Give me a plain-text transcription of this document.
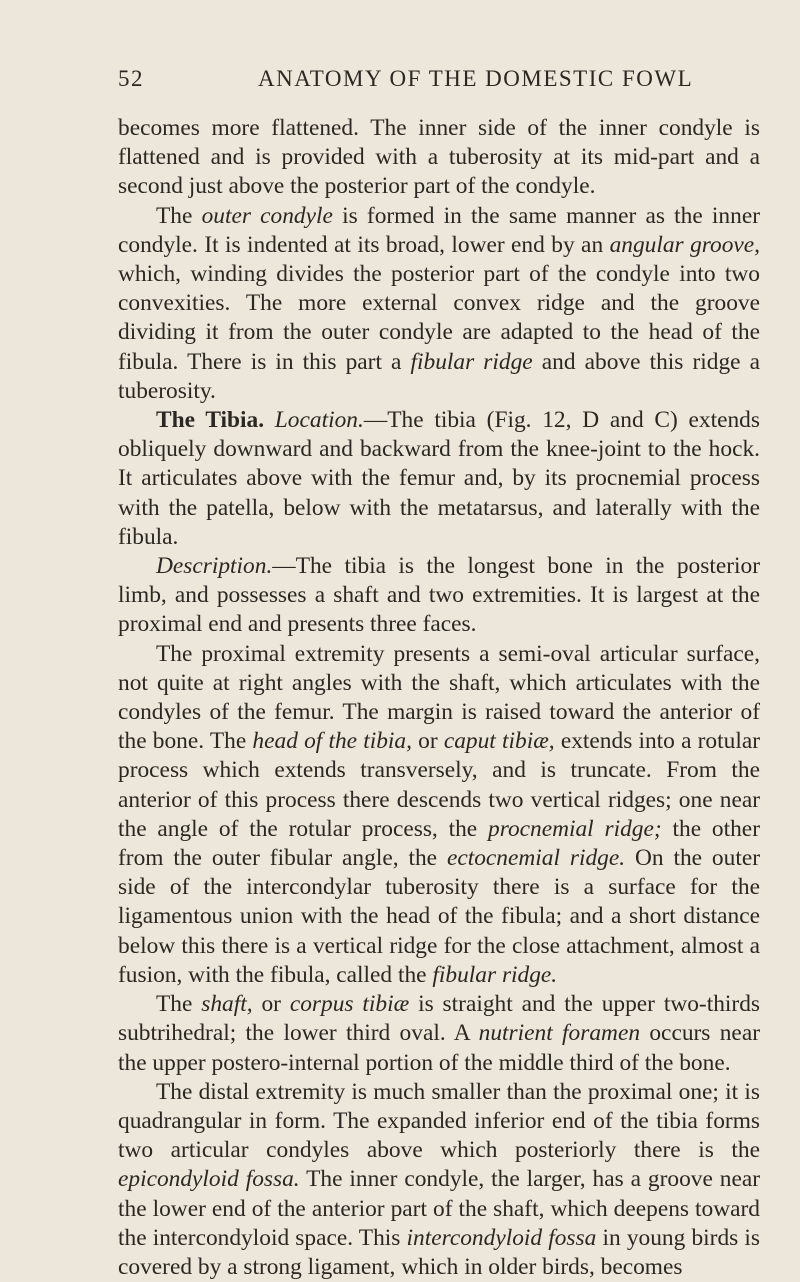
52	ANATOMY OF THE DOMESTIC FOWL

becomes more flattened. The inner side of the inner condyle is flattened and is provided with a tuberosity at its mid-part and a second just above the posterior part of the condyle.

The outer condyle is formed in the same manner as the inner condyle. It is indented at its broad, lower end by an angular groove, which, winding divides the posterior part of the condyle into two convexities. The more external convex ridge and the groove dividing it from the outer condyle are adapted to the head of the fibula. There is in this part a fibular ridge and above this ridge a tuberosity.

The Tibia. Location.—The tibia (Fig. 12, D and C) extends obliquely downward and backward from the knee-joint to the hock. It articulates above with the femur and, by its procnemial process with the patella, below with the metatarsus, and laterally with the fibula.

Description.—The tibia is the longest bone in the posterior limb, and possesses a shaft and two extremities. It is largest at the proximal end and presents three faces.

The proximal extremity presents a semi-oval articular surface, not quite at right angles with the shaft, which articulates with the condyles of the femur. The margin is raised toward the anterior of the bone. The head of the tibia, or caput tibiæ, extends into a rotular process which extends transversely, and is truncate. From the anterior of this process there descends two vertical ridges; one near the angle of the rotular process, the procnemial ridge; the other from the outer fibular angle, the ectocnemial ridge. On the outer side of the intercondylar tuberosity there is a surface for the ligamentous union with the head of the fibula; and a short distance below this there is a vertical ridge for the close attachment, almost a fusion, with the fibula, called the fibular ridge.

The shaft, or corpus tibiæ is straight and the upper two-thirds subtrihedral; the lower third oval. A nutrient foramen occurs near the upper postero-internal portion of the middle third of the bone.

The distal extremity is much smaller than the proximal one; it is quadrangular in form. The expanded inferior end of the tibia forms two articular condyles above which posteriorly there is the epicondyloid fossa. The inner condyle, the larger, has a groove near the lower end of the anterior part of the shaft, which deepens toward the intercondyloid space. This intercondyloid fossa in young birds is covered by a strong ligament, which in older birds, becomes
